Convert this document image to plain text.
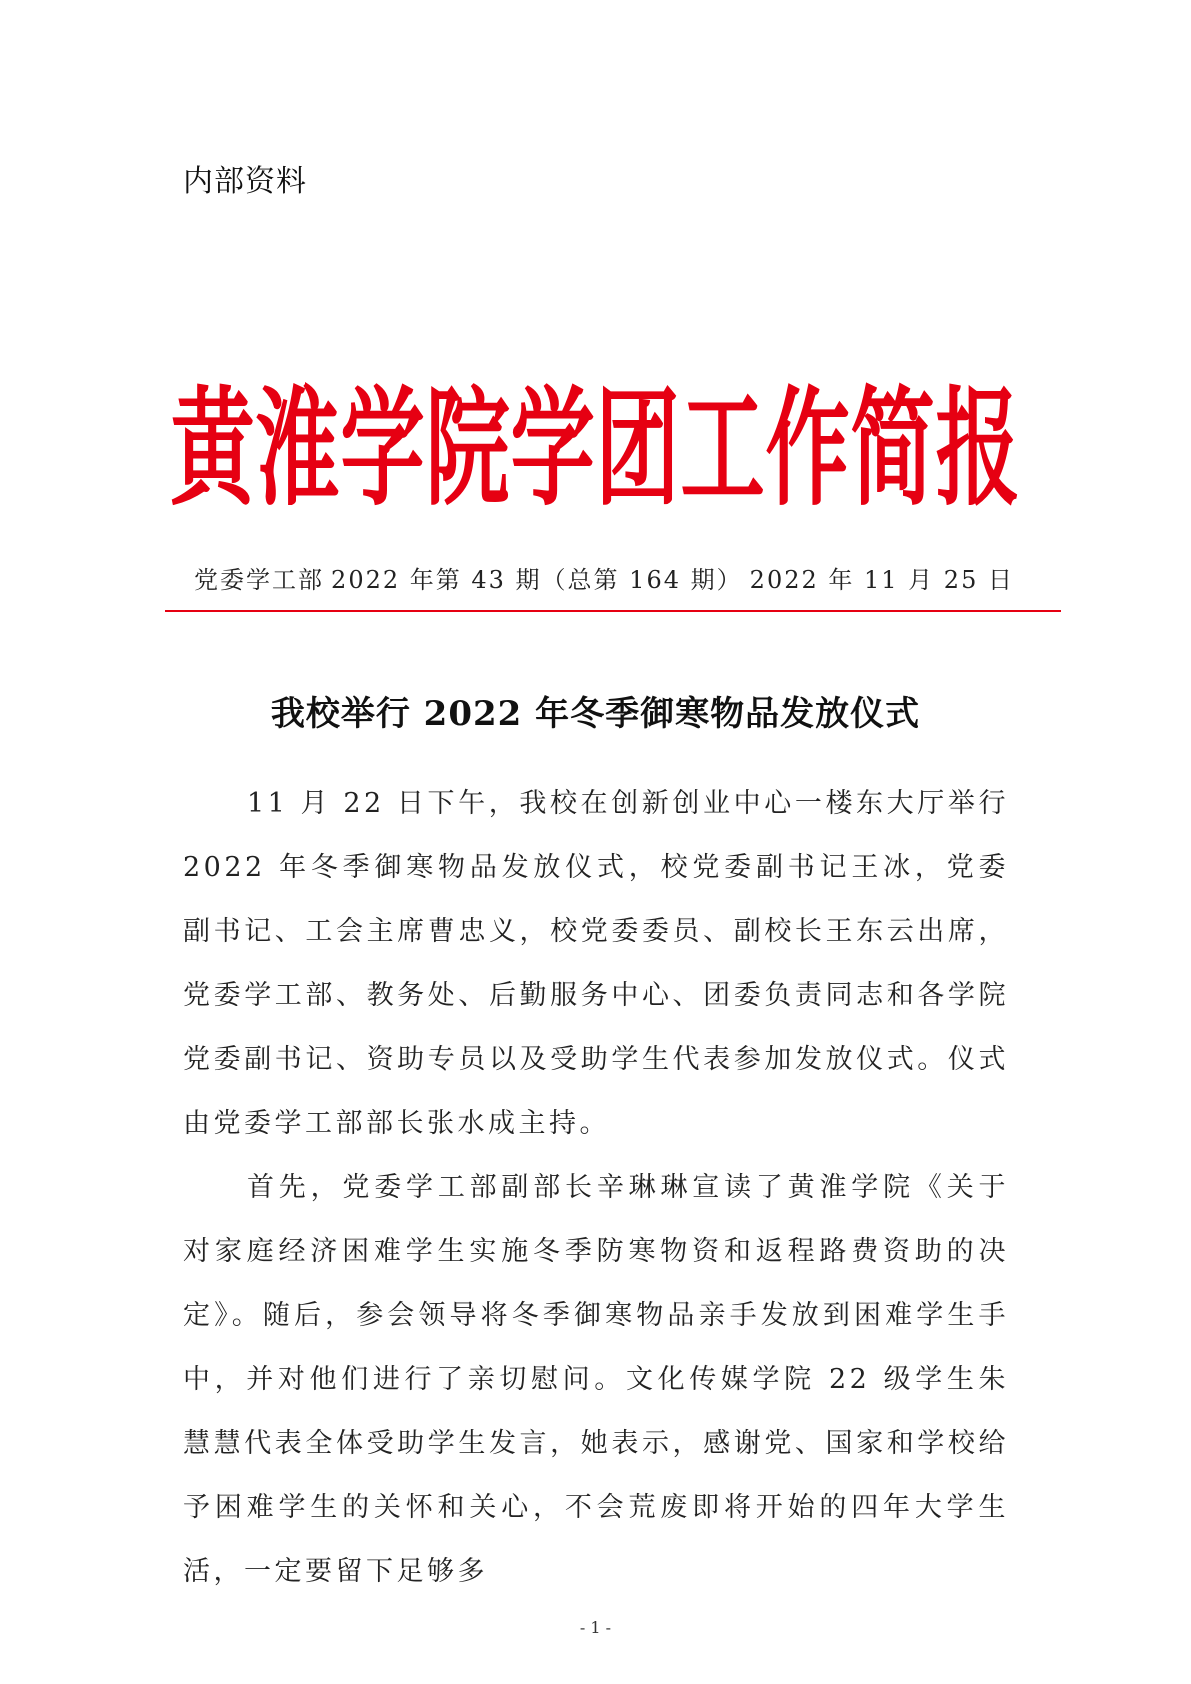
内部资料
黄淮学院学团工作简报
党委学工部 2022 年第 43 期（总第 164 期） 2022 年 11 月 25 日
我校举行 2022 年冬季御寒物品发放仪式

11 月 22 日下午，我校在创新创业中心一楼东大厅举行 2022 年冬季御寒物品发放仪式，校党委副书记王冰，党委副书记、工会主席曹忠义，校党委委员、副校长王东云出席，党委学工部、教务处、后勤服务中心、团委负责同志和各学院党委副书记、资助专员以及受助学生代表参加发放仪式。仪式由党委学工部部长张水成主持。

首先，党委学工部副部长辛琳琳宣读了黄淮学院《关于对家庭经济困难学生实施冬季防寒物资和返程路费资助的决定》。随后，参会领导将冬季御寒物品亲手发放到困难学生手中，并对他们进行了亲切慰问。文化传媒学院 22 级学生朱慧慧代表全体受助学生发言，她表示，感谢党、国家和学校给予困难学生的关怀和关心，不会荒废即将开始的四年大学生活，一定要留下足够多

- 1 -
